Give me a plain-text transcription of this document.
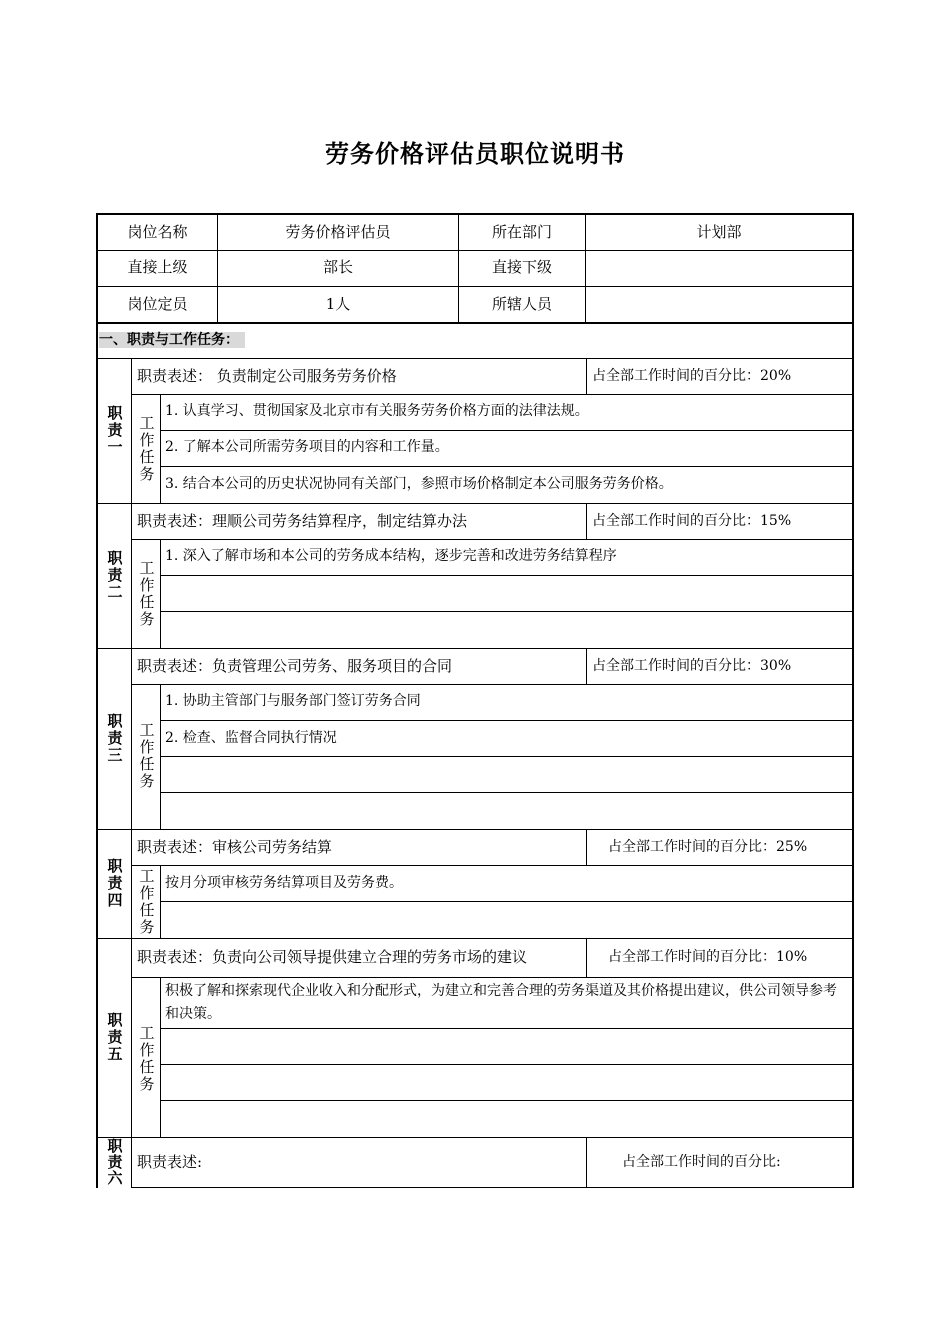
劳务价格评估员职位说明书
岗位名称	劳务价格评估员	所在部门	计划部
直接上级	部长	直接下级
岗位定员	1人	所辖人员
一、职责与工作任务：
职
责
一
职责表述： 负责制定公司服务劳务价格	占全部工作时间的百分比：20%
工
作
任
务
1. 认真学习、贯彻国家及北京市有关服务劳务价格方面的法律法规。
2. 了解本公司所需劳务项目的内容和工作量。
3. 结合本公司的历史状况协同有关部门，参照市场价格制定本公司服务劳务价格。
职
责
二
职责表述：理顺公司劳务结算程序，制定结算办法	占全部工作时间的百分比：15%
工
作
任
务
1. 深入了解市场和本公司的劳务成本结构，逐步完善和改进劳务结算程序
职
责
三
职责表述：负责管理公司劳务、服务项目的合同	占全部工作时间的百分比：30%
工
作
任
务
1. 协助主管部门与服务部门签订劳务合同
2. 检查、监督合同执行情况
职
责
四
职责表述：审核公司劳务结算	占全部工作时间的百分比：25%
工
作
任
务
按月分项审核劳务结算项目及劳务费。
职
责
五
职责表述：负责向公司领导提供建立合理的劳务市场的建议	占全部工作时间的百分比：10%
工
作
任
务
积极了解和探索现代企业收入和分配形式，为建立和完善合理的劳务渠道及其价格提出建议，供公司领导参考和决策。
职
责
六
职责表述:	占全部工作时间的百分比:
